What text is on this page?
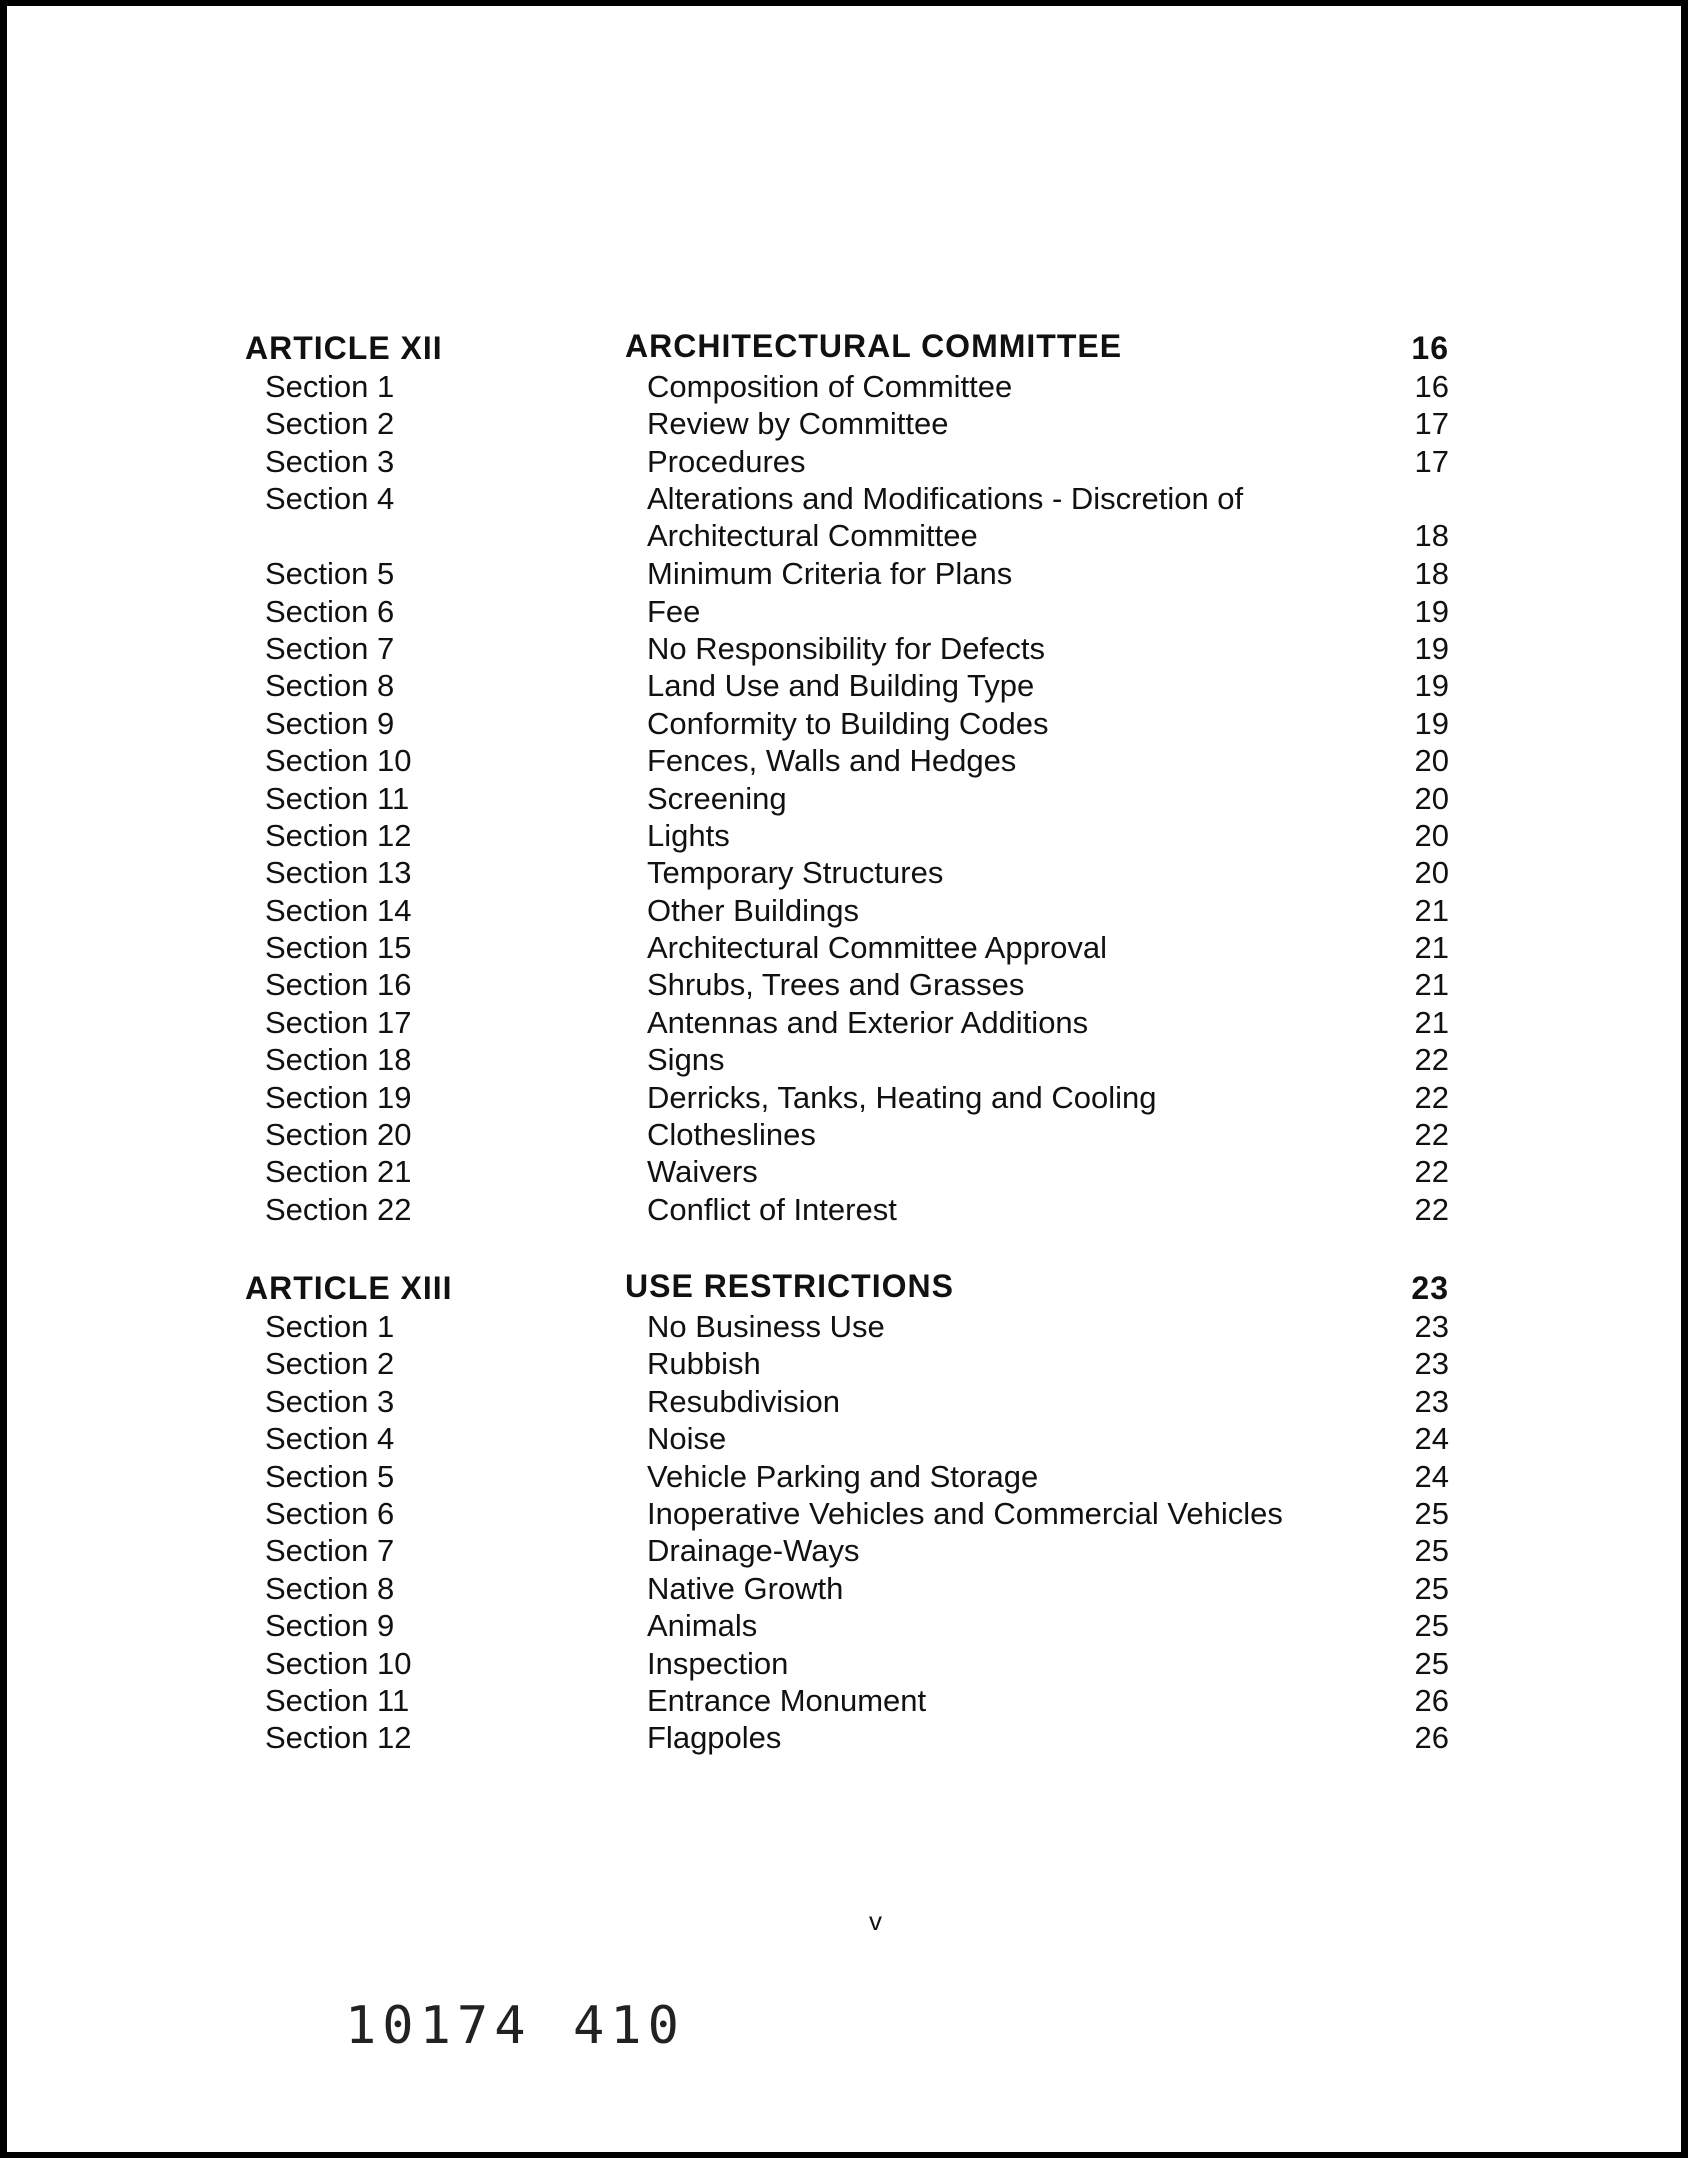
ARTICLE XII	ARCHITECTURAL COMMITTEE	16
Section 1	Composition of Committee	16
Section 2	Review by Committee	17
Section 3	Procedures	17
Section 4	Alterations and Modifications - Discretion of Architectural Committee	18
Section 5	Minimum Criteria for Plans	18
Section 6	Fee	19
Section 7	No Responsibility for Defects	19
Section 8	Land Use and Building Type	19
Section 9	Conformity to Building Codes	19
Section 10	Fences, Walls and Hedges	20
Section 11	Screening	20
Section 12	Lights	20
Section 13	Temporary Structures	20
Section 14	Other Buildings	21
Section 15	Architectural Committee Approval	21
Section 16	Shrubs, Trees and Grasses	21
Section 17	Antennas and Exterior Additions	21
Section 18	Signs	22
Section 19	Derricks, Tanks, Heating and Cooling	22
Section 20	Clotheslines	22
Section 21	Waivers	22
Section 22	Conflict of Interest	22
ARTICLE XIII	USE RESTRICTIONS	23
Section 1	No Business Use	23
Section 2	Rubbish	23
Section 3	Resubdivision	23
Section 4	Noise	24
Section 5	Vehicle Parking and Storage	24
Section 6	Inoperative Vehicles and Commercial Vehicles	25
Section 7	Drainage-Ways	25
Section 8	Native Growth	25
Section 9	Animals	25
Section 10	Inspection	25
Section 11	Entrance Monument	26
Section 12	Flagpoles	26
v
10174 410
